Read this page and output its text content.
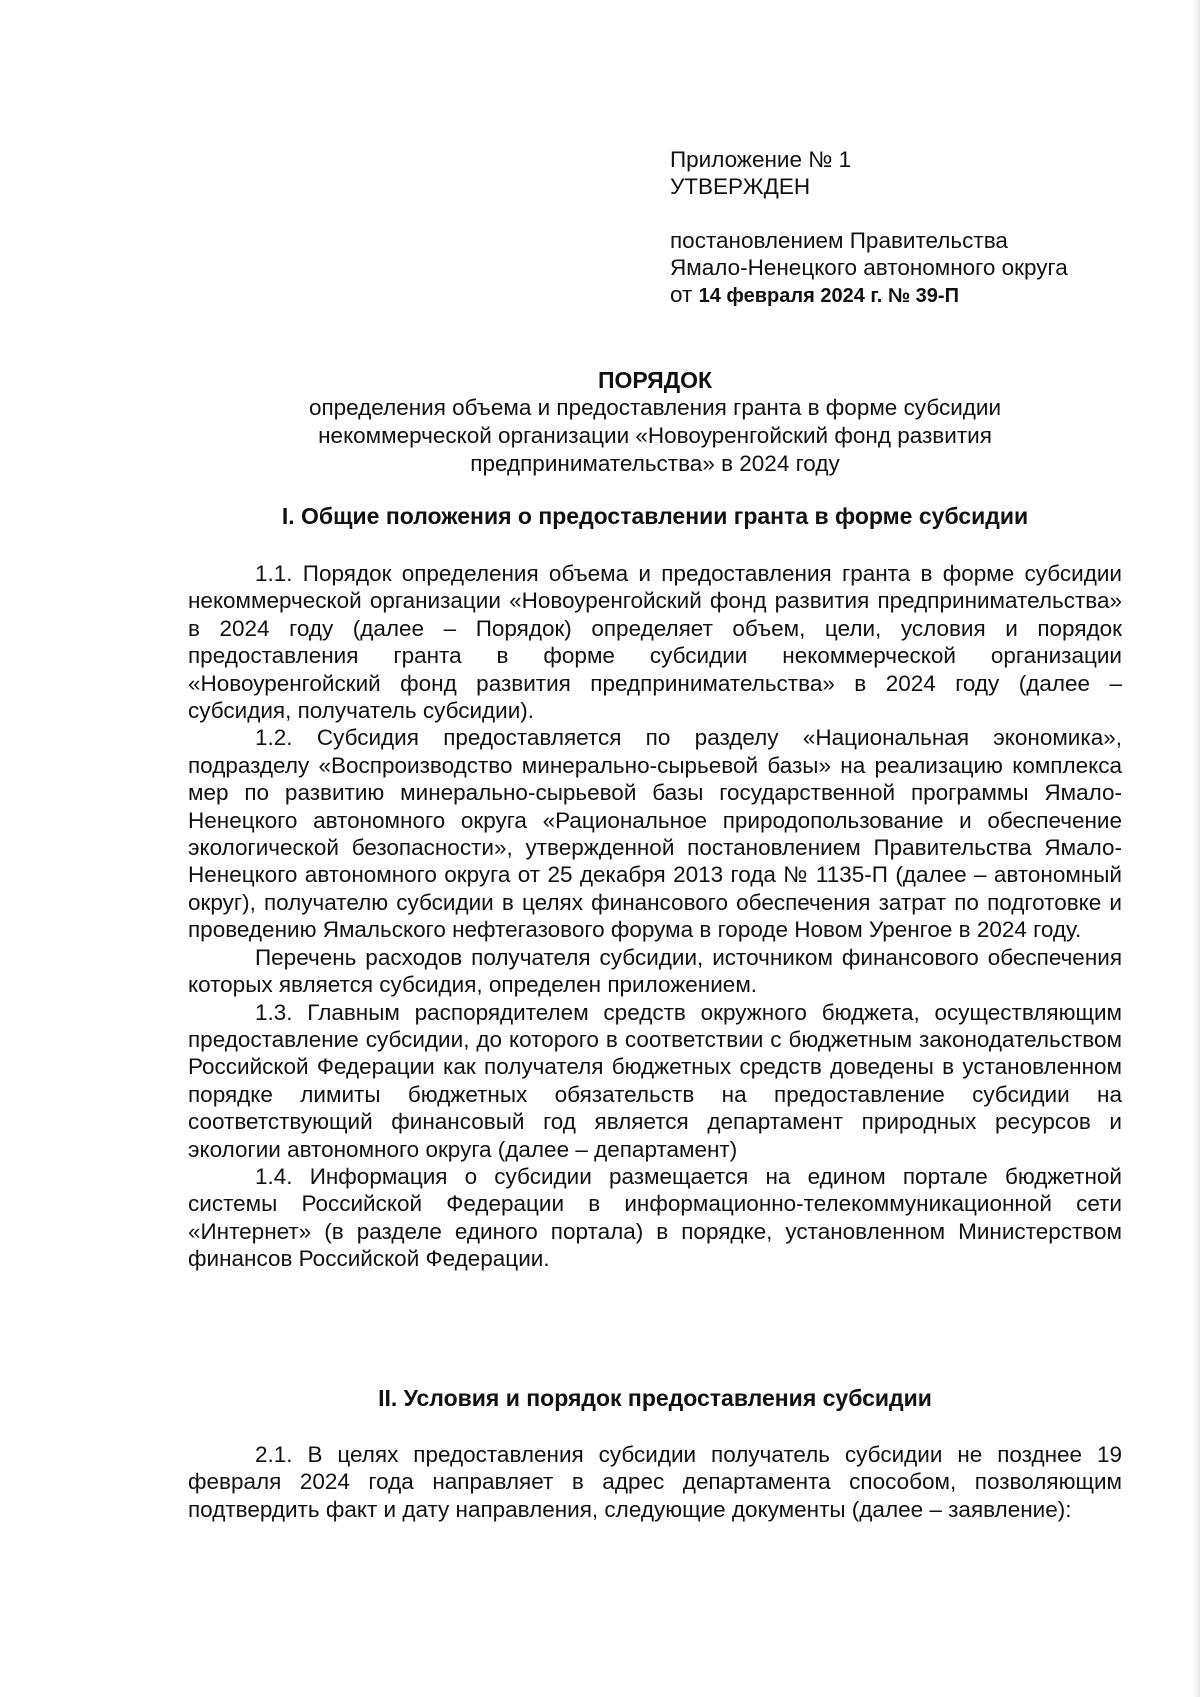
Приложение № 1
УТВЕРЖДЕН
постановлением Правительства
Ямало-Ненецкого автономного округа
от 14 февраля 2024 г. № 39-П
ПОРЯДОК
определения объема и предоставления гранта в форме субсидии
некоммерческой организации «Новоуренгойский фонд развития
предпринимательства» в 2024 году
I. Общие положения о предоставлении гранта в форме субсидии

1.1. Порядок определения объема и предоставления гранта в форме субсидии некоммерческой организации «Новоуренгойский фонд развития предпринимательства» в 2024 году (далее – Порядок) определяет объем, цели, условия и порядок предоставления гранта в форме субсидии некоммерческой организации «Новоуренгойский фонд развития предпринимательства» в 2024 году (далее – субсидия, получатель субсидии).

1.2. Субсидия предоставляется по разделу «Национальная экономика», подразделу «Воспроизводство минерально-сырьевой базы» на реализацию комплекса мер по развитию минерально-сырьевой базы государственной программы Ямало-Ненецкого автономного округа «Рациональное природопользование и обеспечение экологической безопасности», утвержденной постановлением Правительства Ямало-Ненецкого автономного округа от 25 декабря 2013 года № 1135-П (далее – автономный округ), получателю субсидии в целях финансового обеспечения затрат по подготовке и проведению Ямальского нефтегазового форума в городе Новом Уренгое в 2024 году.

Перечень расходов получателя субсидии, источником финансового обеспечения которых является субсидия, определен приложением.

1.3. Главным распорядителем средств окружного бюджета, осуществляющим предоставление субсидии, до которого в соответствии с бюджетным законодательством Российской Федерации как получателя бюджетных средств доведены в установленном порядке лимиты бюджетных обязательств на предоставление субсидии на соответствующий финансовый год является департамент природных ресурсов и экологии автономного округа (далее – департамент)

1.4. Информация о субсидии размещается на едином портале бюджетной системы Российской Федерации в информационно-телекоммуникационной сети «Интернет» (в разделе единого портала) в порядке, установленном Министерством финансов Российской Федерации.

II. Условия и порядок предоставления субсидии

2.1. В целях предоставления субсидии получатель субсидии не позднее 19 февраля 2024 года направляет в адрес департамента способом, позволяющим подтвердить факт и дату направления, следующие документы (далее – заявление):
